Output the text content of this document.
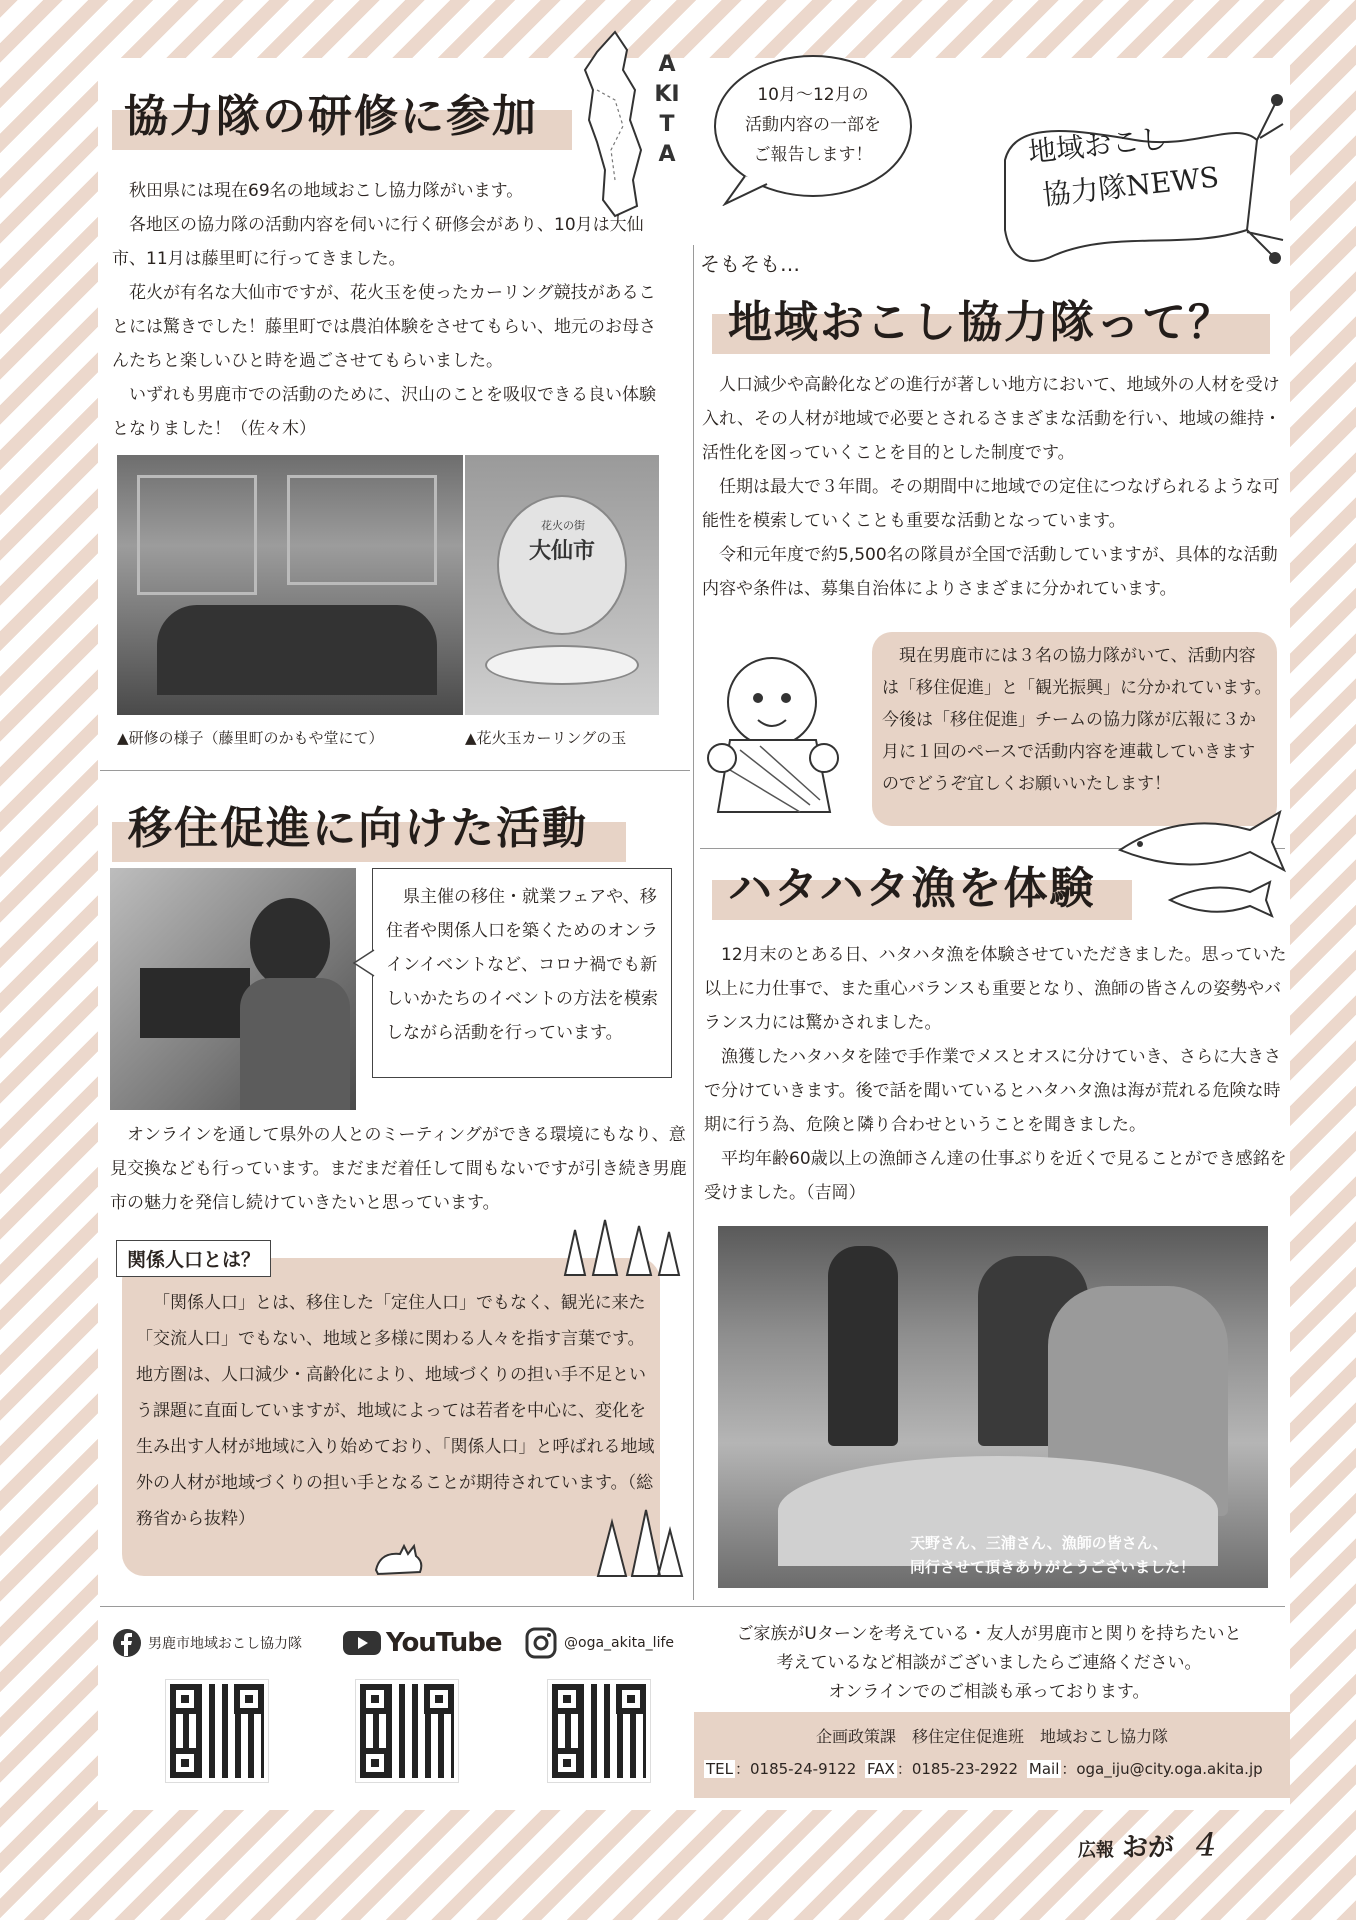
協力隊の研修に参加
AKITA
10月～12月の
活動内容の一部を
ご報告します！	地域おこし
協力隊NEWS

秋田県には現在69名の地域おこし協力隊がいます。

各地区の協力隊の活動内容を伺いに行く研修会があり、10月は大仙市、11月は藤里町に行ってきました。

花火が有名な大仙市ですが、花火玉を使ったカーリング競技があることには驚きでした！藤里町では農泊体験をさせてもらい、地元のお母さんたちと楽しいひと時を過ごさせてもらいました。

いずれも男鹿市での活動のために、沢山のことを吸収できる良い体験となりました！（佐々木）

大仙市
花火の街
▲研修の様子（藤里町のかもや堂にて）	▲花火玉カーリングの玉
そもそも…
地域おこし協力隊って？

人口減少や高齢化などの進行が著しい地方において、地域外の人材を受け入れ、その人材が地域で必要とされるさまざまな活動を行い、地域の維持・活性化を図っていくことを目的とした制度です。

任期は最大で３年間。その期間中に地域での定住につなげられるような可能性を模索していくことも重要な活動となっています。

令和元年度で約5,500名の隊員が全国で活動していますが、具体的な活動内容や条件は、募集自治体によりさまざまに分かれています。

現在男鹿市には３名の協力隊がいて、活動内容は「移住促進」と「観光振興」に分かれています。今後は「移住促進」チームの協力隊が広報に３か月に１回のペースで活動内容を連載していきますのでどうぞ宜しくお願いいたします！
移住促進に向けた活動
県主催の移住・就業フェアや、移住者や関係人口を築くためのオンラインイベントなど、コロナ禍でも新しいかたちのイベントの方法を模索しながら活動を行っています。

オンラインを通して県外の人とのミーティングができる環境にもなり、意見交換なども行っています。まだまだ着任して間もないですが引き続き男鹿市の魅力を発信し続けていきたいと思っています。

関係人口とは？
「関係人口」とは、移住した「定住人口」でもなく、観光に来た「交流人口」でもない、地域と多様に関わる人々を指す言葉です。地方圏は、人口減少・高齢化により、地域づくりの担い手不足という課題に直面していますが、地域によっては若者を中心に、変化を生み出す人材が地域に入り始めており、「関係人口」と呼ばれる地域外の人材が地域づくりの担い手となることが期待されています。（総務省から抜粋）
ハタハタ漁を体験

12月末のとある日、ハタハタ漁を体験させていただきました。思っていた以上に力仕事で、また重心バランスも重要となり、漁師の皆さんの姿勢やバランス力には驚かされました。

漁獲したハタハタを陸で手作業でメスとオスに分けていき、さらに大きさで分けていきます。後で話を聞いているとハタハタ漁は海が荒れる危険な時期に行う為、危険と隣り合わせということを聞きました。

平均年齢60歳以上の漁師さん達の仕事ぶりを近くで見ることができ感銘を受けました。（吉岡）

天野さん、三浦さん、漁師の皆さん、
同行させて頂きありがとうございました！
男鹿市地域おこし協力隊	YouTube	@oga_akita_life	ご家族がUターンを考えている・友人が男鹿市と関りを持ちたいと
考えているなど相談がございましたらご連絡ください。
オンラインでのご相談も承っております。
企画政策課　移住定住促進班　地域おこし協力隊
TEL ：0185-24-9122 FAX ：0185-23-2922 Mail ：oga_iju@city.oga.akita.jp
広報 おが 4
